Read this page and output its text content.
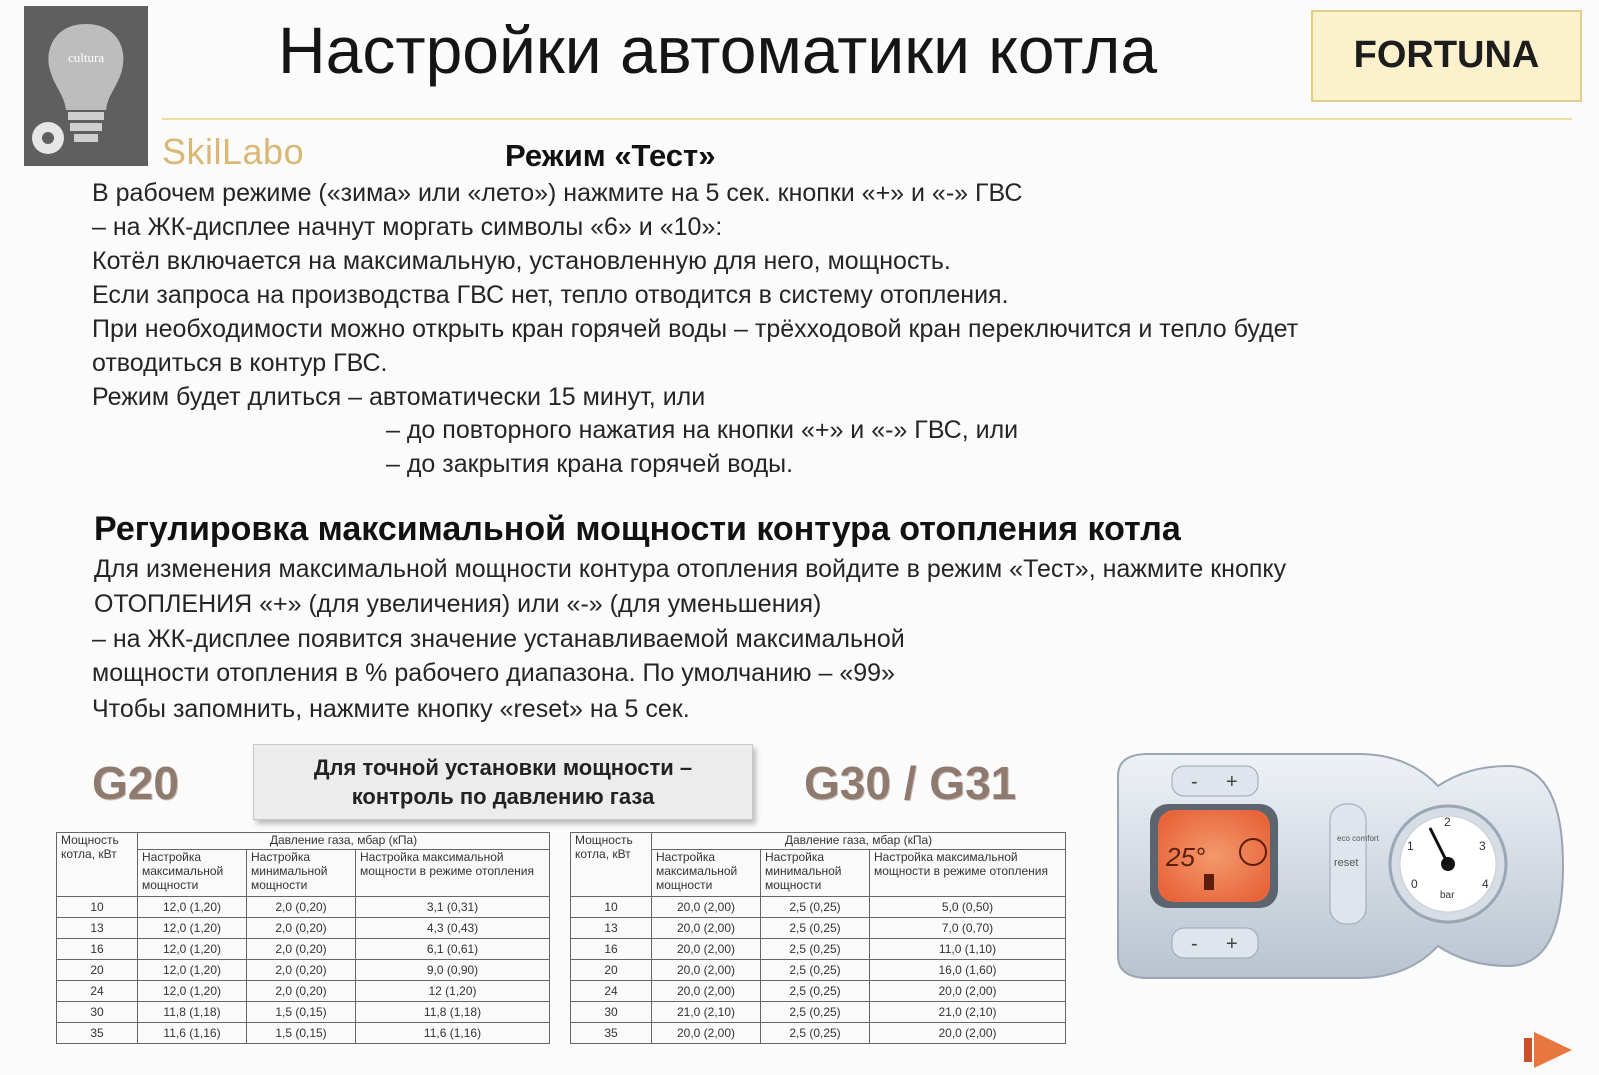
cultura
SkilLabo
Настройки автоматики котла	FORTUNA
Режим «Тест»
В рабочем режиме («зима» или «лето») нажмите на 5 сек. кнопки «+» и «-» ГВС
– на ЖК-дисплее начнут моргать символы «6» и «10»:
Котёл включается на максимальную, установленную для него, мощность.
Если запроса на производства ГВС нет, тепло отводится в систему отопления.
При необходимости можно открыть кран горячей воды – трёхходовой кран переключится и тепло будет
отводиться в контур ГВС.
Режим будет длиться – автоматически 15 минут, или
– до повторного нажатия на кнопки «+» и «-» ГВС, или
– до закрытия крана горячей воды.
Регулировка максимальной мощности контура отопления котла
Для изменения максимальной мощности контура отопления войдите в режим «Тест», нажмите кнопку
ОТОПЛЕНИЯ «+» (для увеличения) или «-» (для уменьшения)
– на ЖК-дисплее появится значение устанавливаемой максимальной
мощности отопления в % рабочего диапазона. По умолчанию – «99»
Чтобы запомнить, нажмите кнопку «reset» на 5 сек.
G20	Для точной установки мощности –
контроль по давлению газа	G30 / G31
Мощность котла, кВт	Давление газа, мбар (кПа)		
	Настройка максимальной мощности	Настройка минимальной мощности	Настройка максимальной мощности в режиме отопления
10	12,0 (1,20)	2,0 (0,20)	3,1 (0,31)
13	12,0 (1,20)	2,0 (0,20)	4,3 (0,43)
16	12,0 (1,20)	2,0 (0,20)	6,1 (0,61)
20	12,0 (1,20)	2,0 (0,20)	9,0 (0,90)
24	12,0 (1,20)	2,0 (0,20)	12 (1,20)
30	11,8 (1,18)	1,5 (0,15)	11,8 (1,18)
35	11,6 (1,16)	1,5 (0,15)	11,6 (1,16)
Мощность котла, кВт	Давление газа, мбар (кПа)		
	Настройка максимальной мощности	Настройка минимальной мощности	Настройка максимальной мощности в режиме отопления
10	20,0 (2,00)	2,5 (0,25)	5,0 (0,50)
13	20,0 (2,00)	2,5 (0,25)	7,0 (0,70)
16	20,0 (2,00)	2,5 (0,25)	11,0 (1,10)
20	20,0 (2,00)	2,5 (0,25)	16,0 (1,60)
24	20,0 (2,00)	2,5 (0,25)	20,0 (2,00)
30	21,0 (2,10)	2,5 (0,25)	21,0 (2,10)
35	20,0 (2,00)	2,5 (0,25)	20,0 (2,00)
- +
25°
- +
eco comfort
reset
0
1
2
3
4
bar
